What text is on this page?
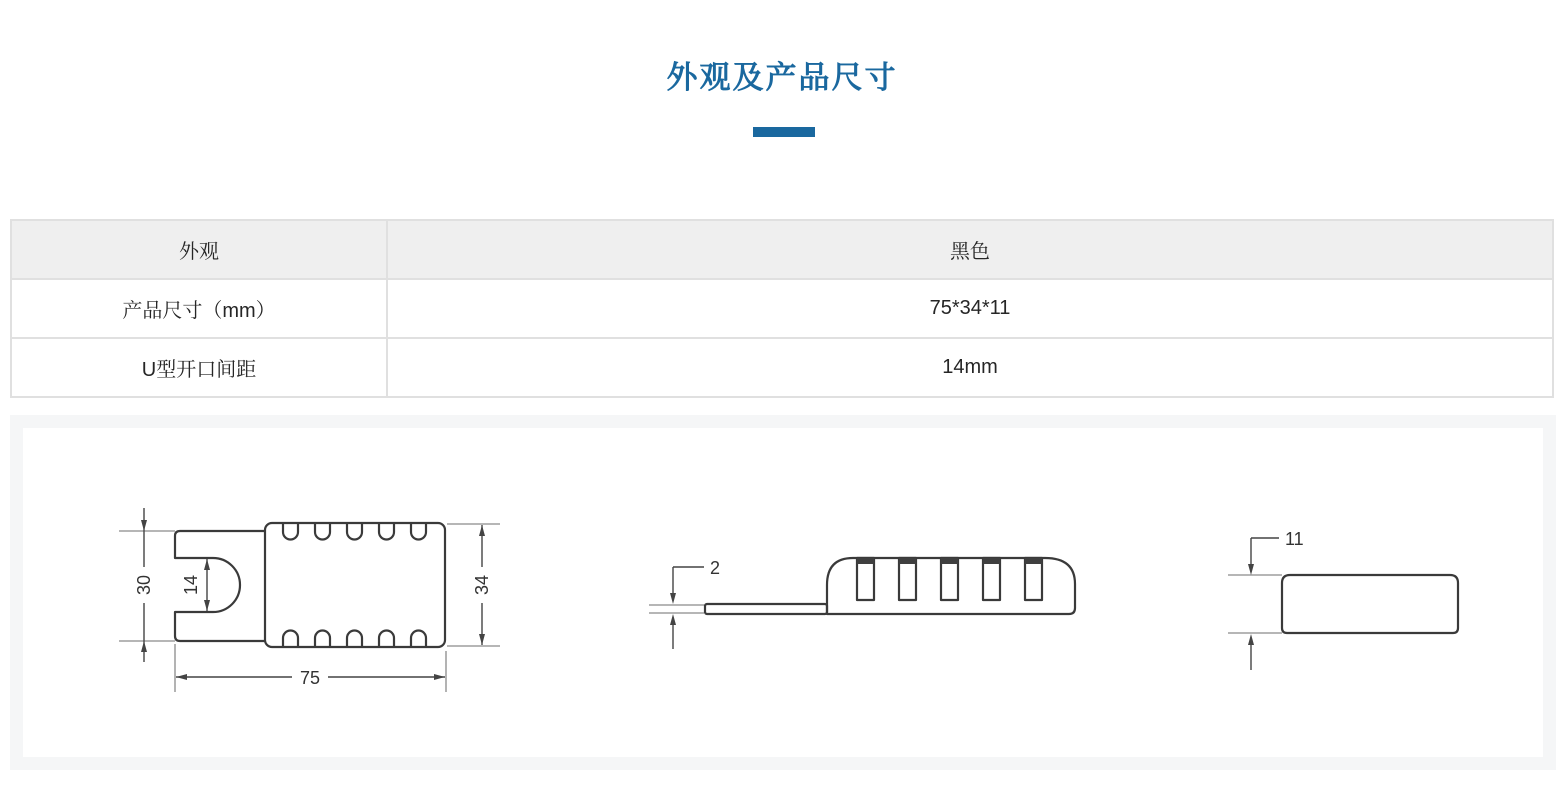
外观及产品尺寸
外观	黑色
产品尺寸（mm）	75*34*11
U型开口间距	14mm
30 14	34
75
2
11
